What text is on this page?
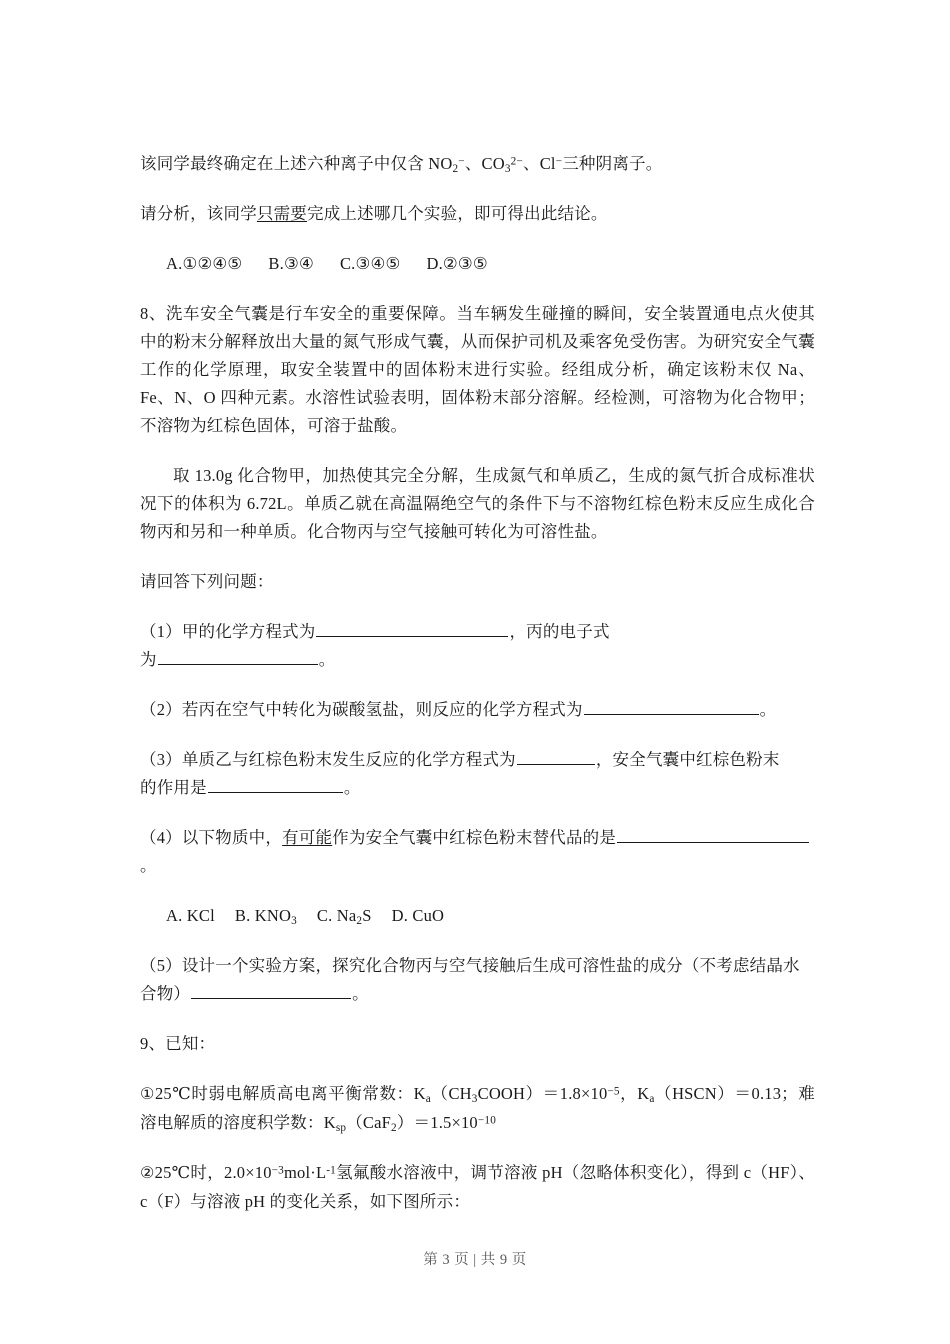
该同学最终确定在上述六种离子中仅含 $NO_2^-$、$CO_3^{2-}$、Cl−三种阴离子。

请分析，该同学只需要完成上述哪几个实验，即可得出此结论。

A.①②④⑤ B.③④ C.③④⑤ D.②③⑤

8、洗车安全气囊是行车安全的重要保障。当车辆发生碰撞的瞬间，安全装置通电点火使其中的粉末分解释放出大量的氮气形成气囊，从而保护司机及乘客免受伤害。为研究安全气囊工作的化学原理，取安全装置中的固体粉末进行实验。经组成分析，确定该粉末仅 Na、Fe、N、O 四种元素。水溶性试验表明，固体粉末部分溶解。经检测，可溶物为化合物甲；不溶物为红棕色固体，可溶于盐酸。

取 13.0g 化合物甲，加热使其完全分解，生成氮气和单质乙，生成的氮气折合成标准状况下的体积为 6.72L。单质乙就在高温隔绝空气的条件下与不溶物红棕色粉末反应生成化合物丙和另和一种单质。化合物丙与空气接触可转化为可溶性盐。

请回答下列问题：

（1）甲的化学方程式为	，丙的电子式
为	。

（2）若丙在空气中转化为碳酸氢盐，则反应的化学方程式为	。

（3）单质乙与红棕色粉末发生反应的化学方程式为	，安全气囊中红棕色粉末
的作用是	。

（4）以下物质中，有可能作为安全气囊中红棕色粉末替代品的是
。

A. KCl B. $KNO_3$ C. $Na_2S$ D. CuO

（5）设计一个实验方案，探究化合物丙与空气接触后生成可溶性盐的成分（不考虑结晶水
合物）	。

9、已知：

①25℃时弱电解质高电离平衡常数：$K_a(CH_3COOH)=1.8\times 10^{-5}$，$K_a(HSCN)=0.13$；难溶电解质的溶度积学数：$K_{sp}(CaF_2)=1.5\times 10^{-10}$

②25℃时，$2.0\times 10^{-3}mol\cdot L^{-1}$氢氟酸水溶液中，调节溶液 pH（忽略体积变化），得到 c（HF）、c（F）与溶液 pH 的变化关系，如下图所示：

第 3 页 | 共 9 页
